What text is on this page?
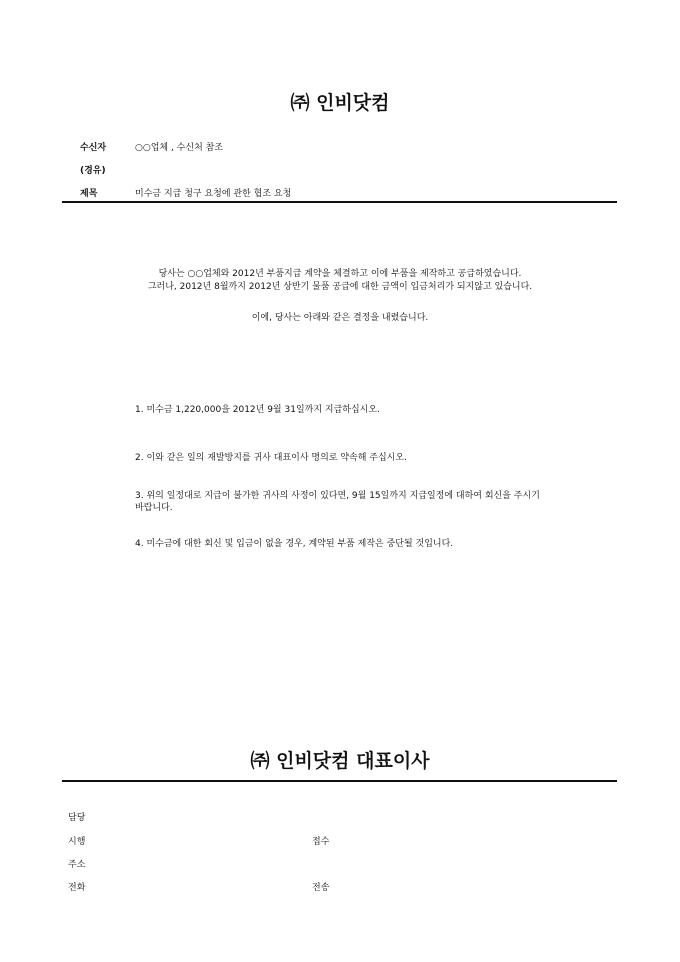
㈜ 인비닷컴
수신자	○○업체 , 수신처 참조
(경유)
제목	미수금 지급 청구 요청에 관한 협조 요청
당사는 ○○업체와 2012년 부품지급 계약을 체결하고 이에 부품을 제작하고 공급하였습니다.
그러나, 2012년 8월까지 2012년 상반기 물품 공급에 대한 금액이 입금처리가 되지않고 있습니다.
이에, 당사는 아래와 같은 결정을 내렸습니다.
1. 미수금 1,220,000을 2012년 9월 31일까지 지급하십시오.
2. 이와 같은 일의 재발방지를 귀사 대표이사 명의로 약속해 주십시오.
3. 위의 일정대로 지급이 불가한 귀사의 사정이 있다면, 9월 15일까지 지급일정에 대하여 회신을 주시기 바랍니다.
4. 미수금에 대한 회신 및 입금이 없을 경우, 계약된 부품 제작은 중단될 것입니다.
㈜ 인비닷컴 대표이사
담당
시행	접수
주소
전화	전송
